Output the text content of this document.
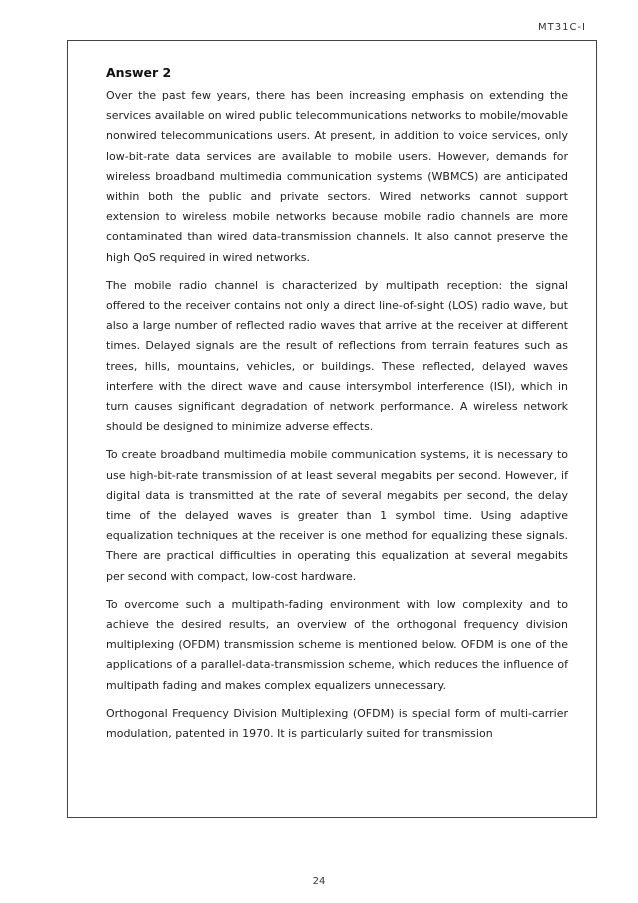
MT31C-I
Answer 2

Over the past few years, there has been increasing emphasis on extending the services available on wired public telecommunications networks to mobile/movable nonwired telecommunications users. At present, in addition to voice services, only low-bit-rate data services are available to mobile users. However, demands for wireless broadband multimedia communication systems (WBMCS) are anticipated within both the public and private sectors. Wired networks cannot support extension to wireless mobile networks because mobile radio channels are more contaminated than wired data-transmission channels. It also cannot preserve the high QoS required in wired networks.

The mobile radio channel is characterized by multipath reception: the signal offered to the receiver contains not only a direct line-of-sight (LOS) radio wave, but also a large number of reflected radio waves that arrive at the receiver at different times. Delayed signals are the result of reflections from terrain features such as trees, hills, mountains, vehicles, or buildings. These reflected, delayed waves interfere with the direct wave and cause intersymbol interference (ISI), which in turn causes significant degradation of network performance. A wireless network should be designed to minimize adverse effects.

To create broadband multimedia mobile communication systems, it is necessary to use high-bit-rate transmission of at least several megabits per second. However, if digital data is transmitted at the rate of several megabits per second, the delay time of the delayed waves is greater than 1 symbol time. Using adaptive equalization techniques at the receiver is one method for equalizing these signals. There are practical difficulties in operating this equalization at several megabits per second with compact, low-cost hardware.

To overcome such a multipath-fading environment with low complexity and to achieve the desired results, an overview of the orthogonal frequency division multiplexing (OFDM) transmission scheme is mentioned below. OFDM is one of the applications of a parallel-data-transmission scheme, which reduces the influence of multipath fading and makes complex equalizers unnecessary.

Orthogonal Frequency Division Multiplexing (OFDM) is special form of multi-carrier modulation, patented in 1970. It is particularly suited for transmission

24
